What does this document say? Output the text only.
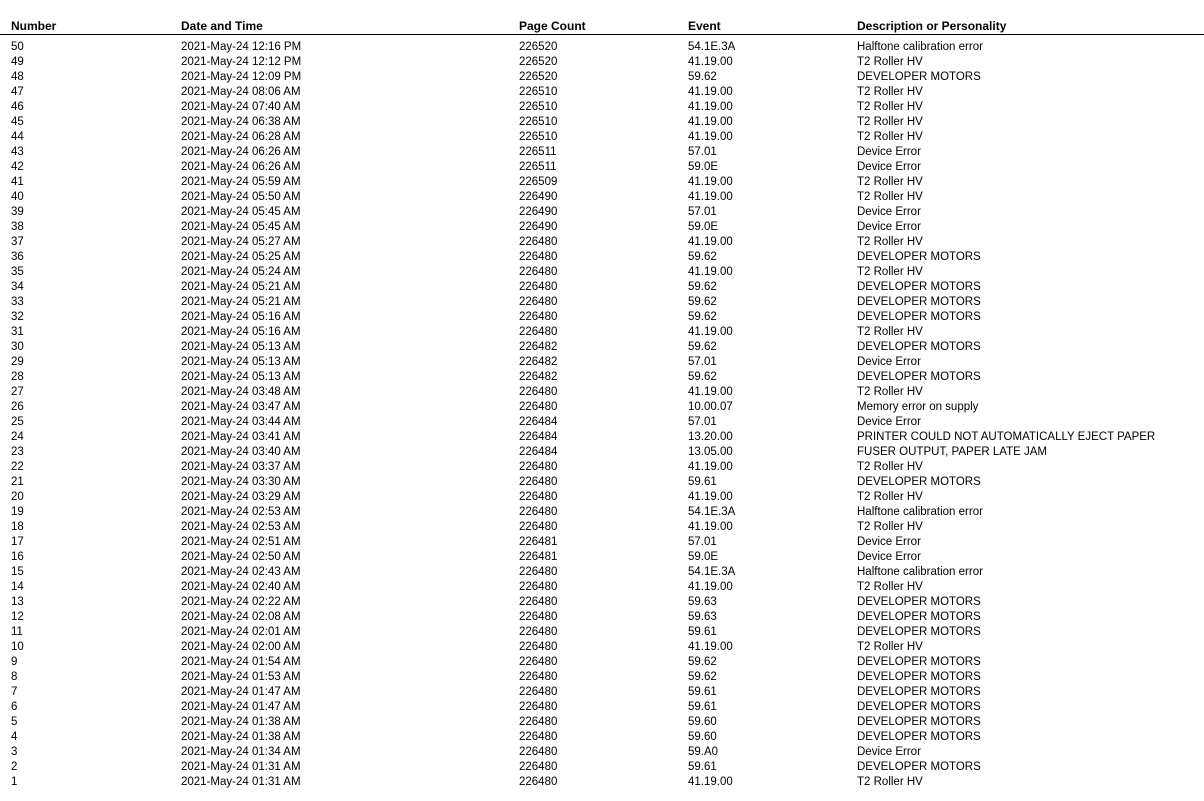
Number	Date and Time	Page Count	Event	Description or Personality
50	2021-May-24 12:16 PM	226520	54.1E.3A	Halftone calibration error
49	2021-May-24 12:12 PM	226520	41.19.00	T2 Roller HV
48	2021-May-24 12:09 PM	226520	59.62	DEVELOPER MOTORS
47	2021-May-24 08:06 AM	226510	41.19.00	T2 Roller HV
46	2021-May-24 07:40 AM	226510	41.19.00	T2 Roller HV
45	2021-May-24 06:38 AM	226510	41.19.00	T2 Roller HV
44	2021-May-24 06:28 AM	226510	41.19.00	T2 Roller HV
43	2021-May-24 06:26 AM	226511	57.01	Device Error
42	2021-May-24 06:26 AM	226511	59.0E	Device Error
41	2021-May-24 05:59 AM	226509	41.19.00	T2 Roller HV
40	2021-May-24 05:50 AM	226490	41.19.00	T2 Roller HV
39	2021-May-24 05:45 AM	226490	57.01	Device Error
38	2021-May-24 05:45 AM	226490	59.0E	Device Error
37	2021-May-24 05:27 AM	226480	41.19.00	T2 Roller HV
36	2021-May-24 05:25 AM	226480	59.62	DEVELOPER MOTORS
35	2021-May-24 05:24 AM	226480	41.19.00	T2 Roller HV
34	2021-May-24 05:21 AM	226480	59.62	DEVELOPER MOTORS
33	2021-May-24 05:21 AM	226480	59.62	DEVELOPER MOTORS
32	2021-May-24 05:16 AM	226480	59.62	DEVELOPER MOTORS
31	2021-May-24 05:16 AM	226480	41.19.00	T2 Roller HV
30	2021-May-24 05:13 AM	226482	59.62	DEVELOPER MOTORS
29	2021-May-24 05:13 AM	226482	57.01	Device Error
28	2021-May-24 05:13 AM	226482	59.62	DEVELOPER MOTORS
27	2021-May-24 03:48 AM	226480	41.19.00	T2 Roller HV
26	2021-May-24 03:47 AM	226480	10.00.07	Memory error on supply
25	2021-May-24 03:44 AM	226484	57.01	Device Error
24	2021-May-24 03:41 AM	226484	13.20.00	PRINTER COULD NOT AUTOMATICALLY EJECT PAPER
23	2021-May-24 03:40 AM	226484	13.05.00	FUSER OUTPUT, PAPER LATE JAM
22	2021-May-24 03:37 AM	226480	41.19.00	T2 Roller HV
21	2021-May-24 03:30 AM	226480	59.61	DEVELOPER MOTORS
20	2021-May-24 03:29 AM	226480	41.19.00	T2 Roller HV
19	2021-May-24 02:53 AM	226480	54.1E.3A	Halftone calibration error
18	2021-May-24 02:53 AM	226480	41.19.00	T2 Roller HV
17	2021-May-24 02:51 AM	226481	57.01	Device Error
16	2021-May-24 02:50 AM	226481	59.0E	Device Error
15	2021-May-24 02:43 AM	226480	54.1E.3A	Halftone calibration error
14	2021-May-24 02:40 AM	226480	41.19.00	T2 Roller HV
13	2021-May-24 02:22 AM	226480	59.63	DEVELOPER MOTORS
12	2021-May-24 02:08 AM	226480	59.63	DEVELOPER MOTORS
11	2021-May-24 02:01 AM	226480	59.61	DEVELOPER MOTORS
10	2021-May-24 02:00 AM	226480	41.19.00	T2 Roller HV
9	2021-May-24 01:54 AM	226480	59.62	DEVELOPER MOTORS
8	2021-May-24 01:53 AM	226480	59.62	DEVELOPER MOTORS
7	2021-May-24 01:47 AM	226480	59.61	DEVELOPER MOTORS
6	2021-May-24 01:47 AM	226480	59.61	DEVELOPER MOTORS
5	2021-May-24 01:38 AM	226480	59.60	DEVELOPER MOTORS
4	2021-May-24 01:38 AM	226480	59.60	DEVELOPER MOTORS
3	2021-May-24 01:34 AM	226480	59.A0	Device Error
2	2021-May-24 01:31 AM	226480	59.61	DEVELOPER MOTORS
1	2021-May-24 01:31 AM	226480	41.19.00	T2 Roller HV
